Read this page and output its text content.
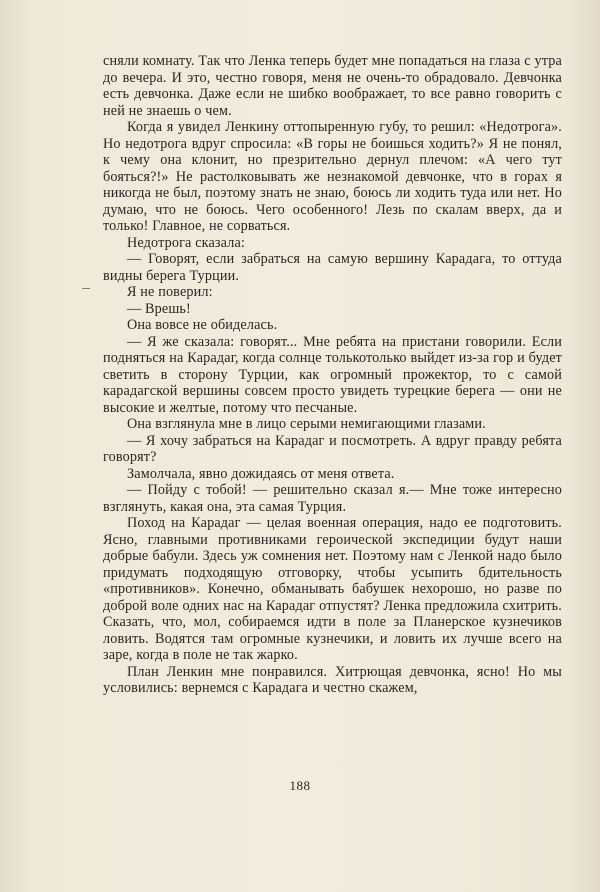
сняли комнату. Так что Ленка теперь будет мне попадаться на глаза с утра до вечера. И это, честно говоря, меня не очень-то обрадовало. Девчонка есть девчонка. Даже если не шибко воображает, то все равно говорить с ней не знаешь о чем.

Когда я увидел Ленкину оттопыренную губу, то решил: «Недотрога». Но недотрога вдруг спросила: «В горы не боишься ходить?» Я не понял, к чему она клонит, но презрительно дернул плечом: «А чего тут бояться?!» Не растолковывать же незнакомой девчонке, что в горах я никогда не был, поэтому знать не знаю, боюсь ли ходить туда или нет. Но думаю, что не боюсь. Чего особенного! Лезь по скалам вверх, да и только! Главное, не сорваться.

Недотрога сказала:

— Говорят, если забраться на самую вершину Карадага, то оттуда видны берега Турции.

Я не поверил:

— Врешь!

Она вовсе не обиделась.

— Я же сказала: говорят... Мне ребята на пристани говорили. Если подняться на Карадаг, когда солнце толькотолько выйдет из-за гор и будет светить в сторону Турции, как огромный прожектор, то с самой карадагской вершины совсем просто увидеть турецкие берега — они не высокие и желтые, потому что песчаные.

Она взглянула мне в лицо серыми немигающими глазами.

— Я хочу забраться на Карадаг и посмотреть. А вдруг правду ребята говорят?

Замолчала, явно дожидаясь от меня ответа.

— Пойду с тобой! — решительно сказал я.— Мне тоже интересно взглянуть, какая она, эта самая Турция.

Поход на Карадаг — целая военная операция, надо ее подготовить. Ясно, главными противниками героической экспедиции будут наши добрые бабули. Здесь уж сомнения нет. Поэтому нам с Ленкой надо было придумать подходящую отговорку, чтобы усыпить бдительность «противников». Конечно, обманывать бабушек нехорошо, но разве по доброй воле одних нас на Карадаг отпустят? Ленка предложила схитрить. Сказать, что, мол, собираемся идти в поле за Планерское кузнечиков ловить. Водятся там огромные кузнечики, и ловить их лучше всего на заре, когда в поле не так жарко.

План Ленкин мне понравился. Хитрющая девчонка, ясно! Но мы условились: вернемся с Карадага и честно скажем,

188
